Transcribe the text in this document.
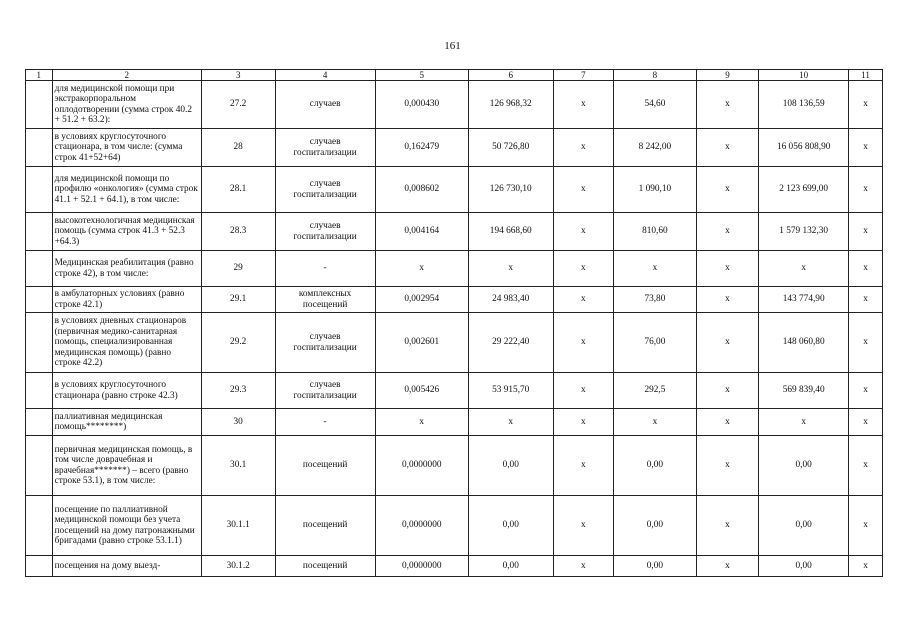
161
1	2	3	4	5	6	7	8	9	10	11
	для медицинской помощи при экстракорпоральном оплодотворении (сумма строк 40.2 + 51.2 + 63.2):	27.2	случаев	0,000430	126 968,32	х	54,60	х	108 136,59	х
	в условиях круглосуточного стационара, в том числе: (сумма строк 41+52+64)	28	случаев госпитализации	0,162479	50 726,80	х	8 242,00	х	16 056 808,90	х
	для медицинской помощи по профилю «онкология» (сумма строк 41.1 + 52.1 + 64.1), в том числе:	28.1	случаев госпитализации	0,008602	126 730,10	х	1 090,10	х	2 123 699,00	х
	высокотехнологичная медицинская помощь (сумма строк 41.3 + 52.3 +64.3)	28.3	случаев госпитализации	0,004164	194 668,60	х	810,60	х	1 579 132,30	х
	Медицинская реабилитация (равно строке 42), в том числе:	29	-	х	х	х	х	х	х	х
	в амбулаторных условиях (равно строке 42.1)	29.1	комплексных посещений	0,002954	24 983,40	х	73,80	х	143 774,90	х
	в условиях дневных стационаров (первичная медико-санитарная помощь, специализированная медицинская помощь) (равно строке 42.2)	29.2	случаев госпитализации	0,002601	29 222,40	х	76,00	х	148 060,80	х
	в условиях круглосуточного стационара (равно строке 42.3)	29.3	случаев госпитализации	0,005426	53 915,70	х	292,5	х	569 839,40	х
	паллиативная медицинская помощь********)	30	-	х	х	х	х	х	х	х
	первичная медицинская помощь, в том числе доврачебная и врачебная*******) – всего (равно строке 53.1), в том числе:	30.1	посещений	0,0000000	0,00	х	0,00	х	0,00	х
	посещение по паллиативной медицинской помощи без учета посещений на дому патронажными бригадами (равно строке 53.1.1)	30.1.1	посещений	0,0000000	0,00	х	0,00	х	0,00	х
	посещения на дому выезд-	30.1.2	посещений	0,0000000	0,00	х	0,00	х	0,00	х
